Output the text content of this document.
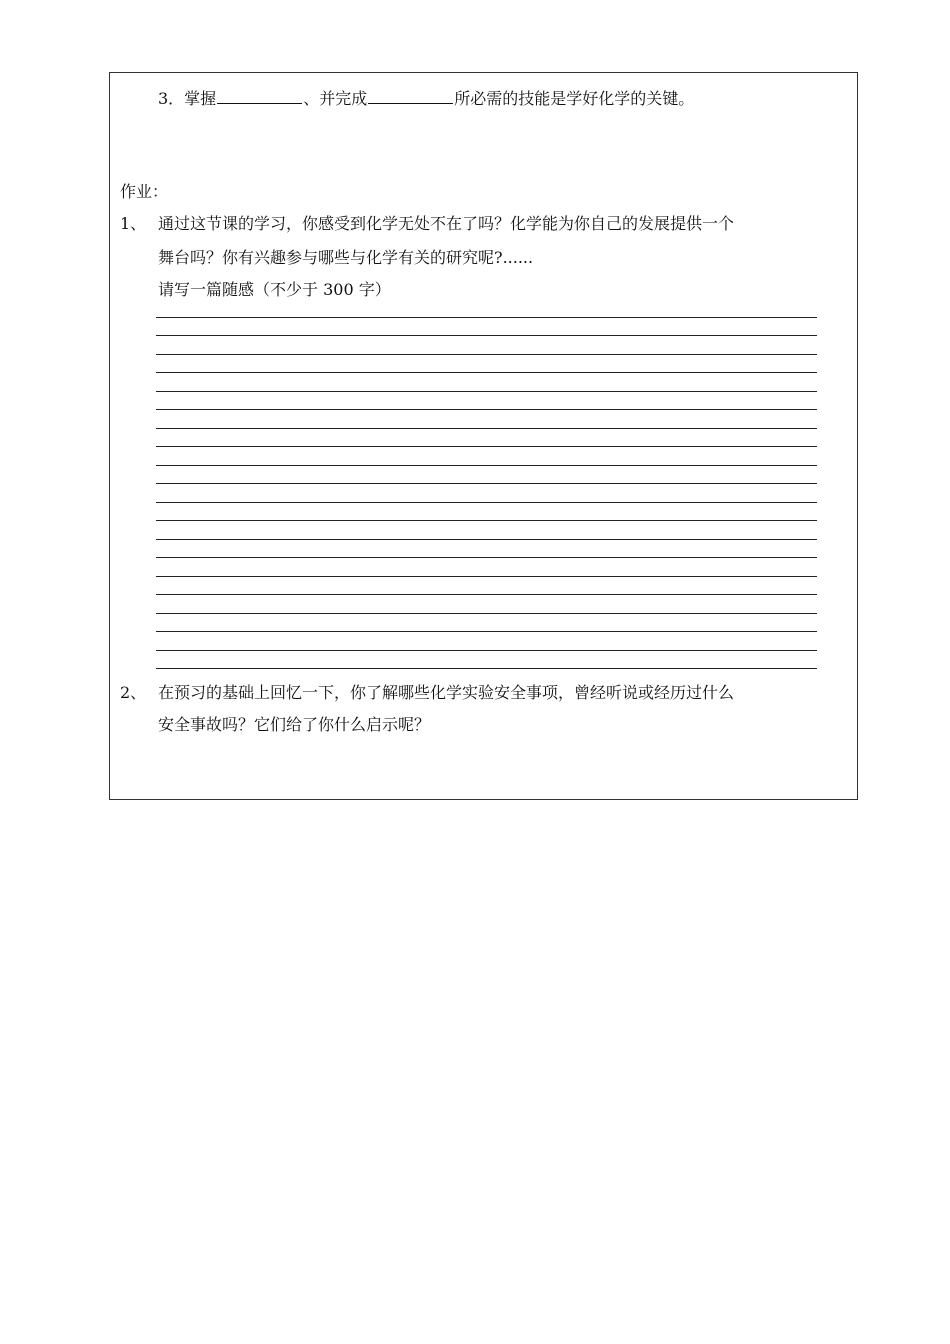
3．掌握	、并完成	所必需的技能是学好化学的关键。
作业：
1、 通过这节课的学习，你感受到化学无处不在了吗？化学能为你自己的发展提供一个
舞台吗？你有兴趣参与哪些与化学有关的研究呢?......
请写一篇随感（不少于 300 字）
2、 在预习的基础上回忆一下，你了解哪些化学实验安全事项，曾经听说或经历过什么
安全事故吗？它们给了你什么启示呢？
